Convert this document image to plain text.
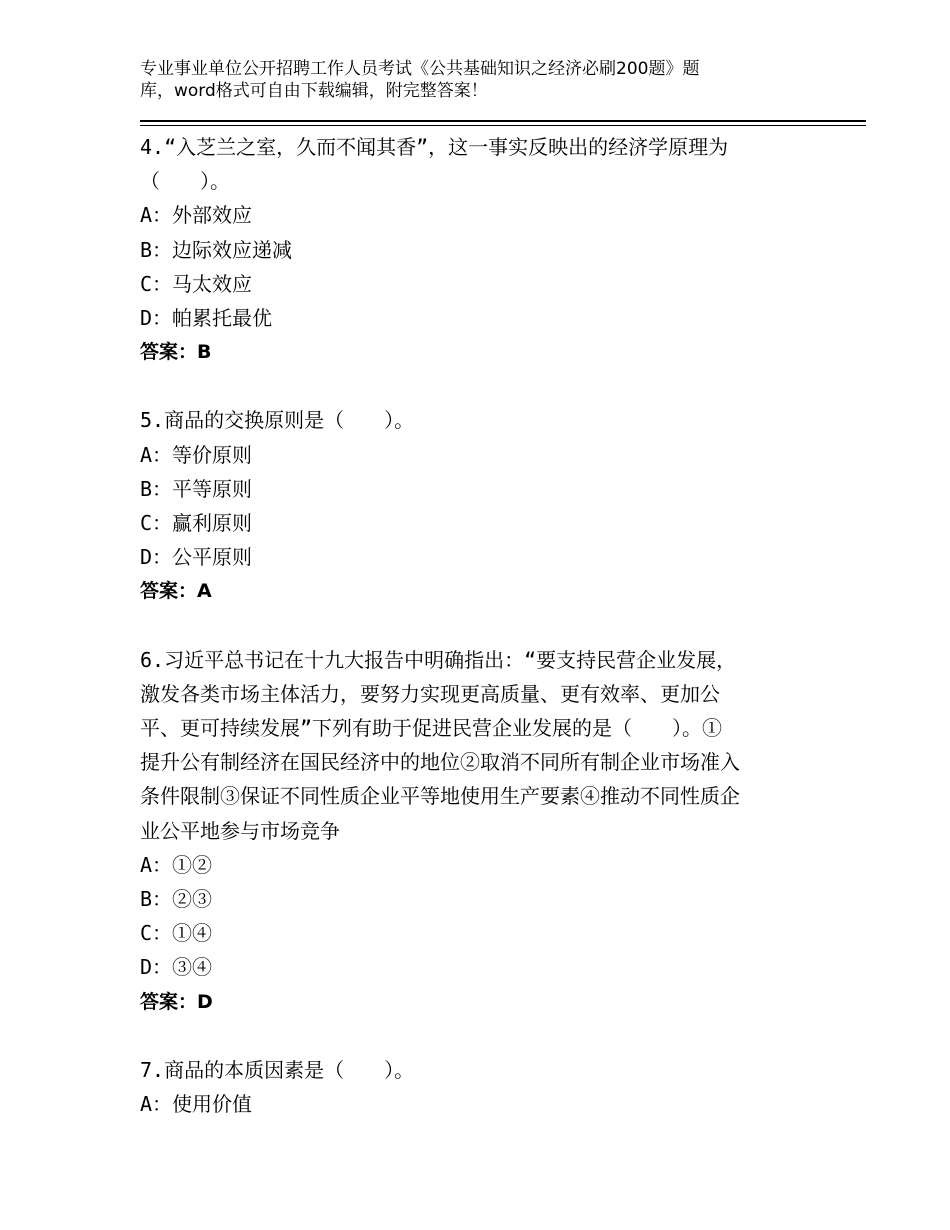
专业事业单位公开招聘工作人员考试《公共基础知识之经济必刷200题》题
库，word格式可自由下载编辑，附完整答案！

4.“入芝兰之室，久而不闻其香”，这一事实反映出的经济学原理为

（　　）。

A：外部效应

B：边际效应递减

C：马太效应

D：帕累托最优

答案：B

5.商品的交换原则是（　　）。

A：等价原则

B：平等原则

C：赢利原则

D：公平原则

答案：A

6.习近平总书记在十九大报告中明确指出：“要支持民营企业发展，

激发各类市场主体活力，要努力实现更高质量、更有效率、更加公

平、更可持续发展”下列有助于促进民营企业发展的是（　　）。①

提升公有制经济在国民经济中的地位②取消不同所有制企业市场准入

条件限制③保证不同性质企业平等地使用生产要素④推动不同性质企

业公平地参与市场竞争

A：①②

B：②③

C：①④

D：③④

答案：D

7.商品的本质因素是（　　）。

A：使用价值
